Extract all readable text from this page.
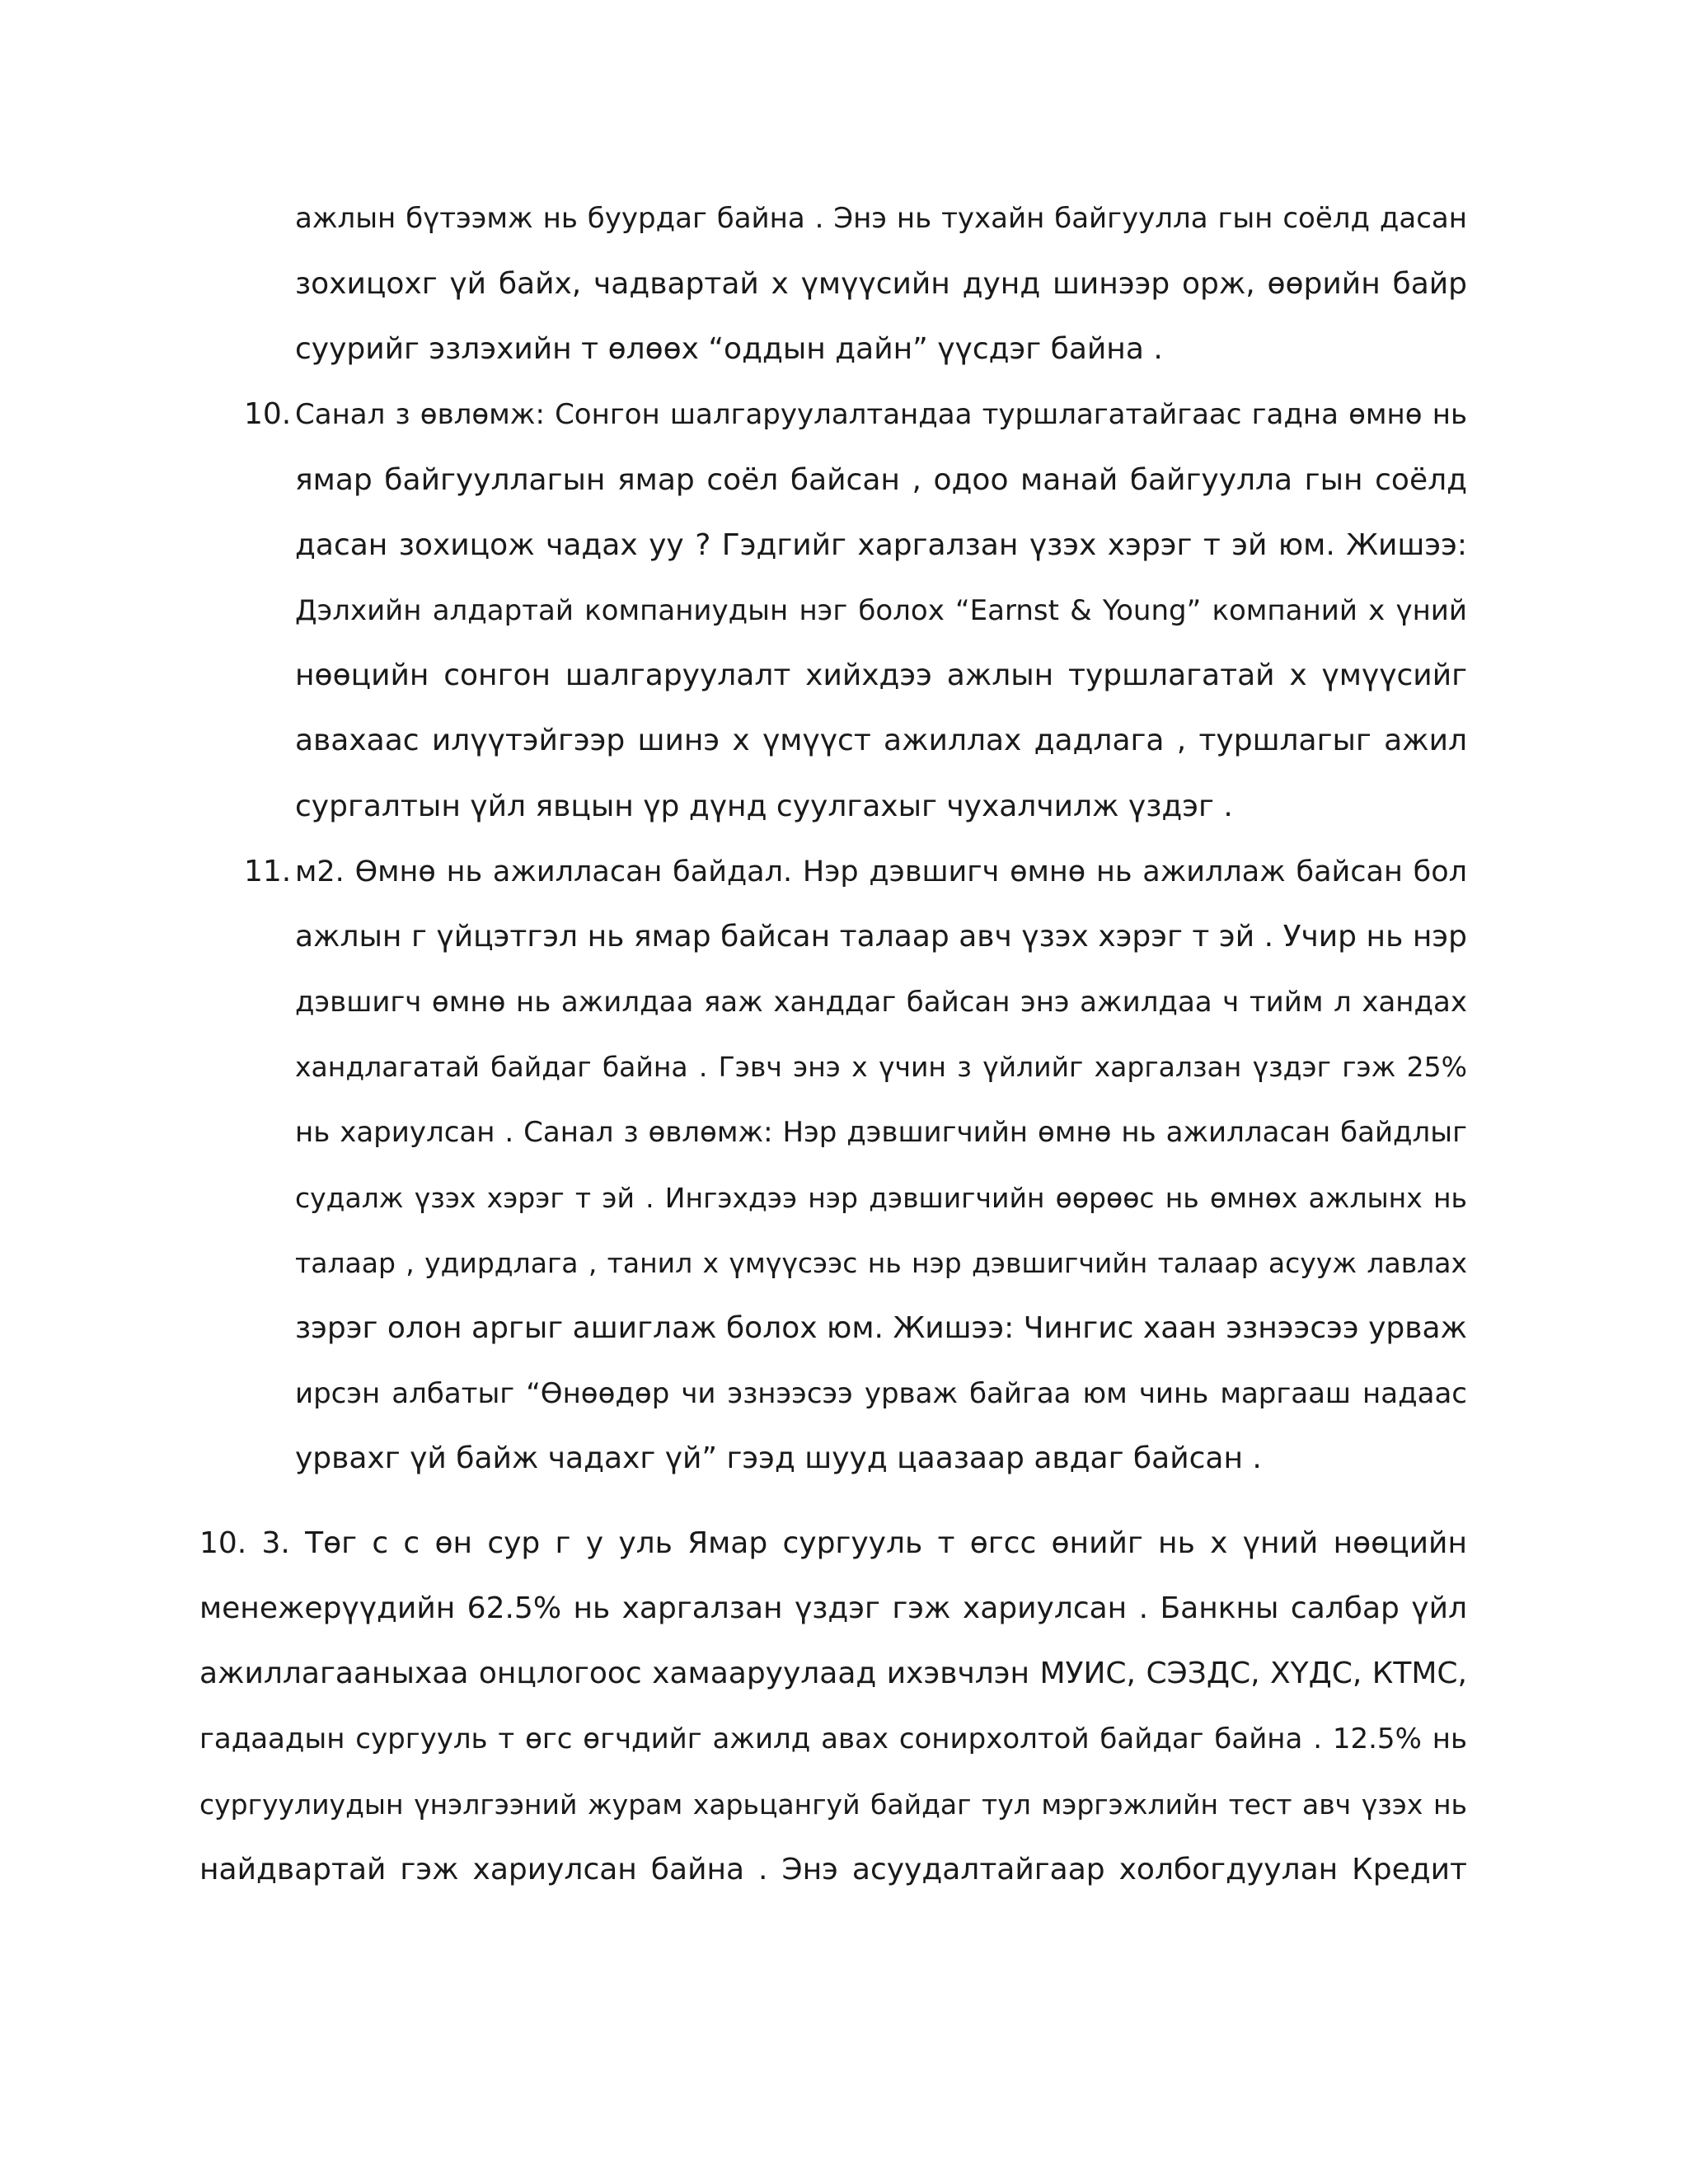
ажлын бүтээмж нь буурдаг байна . Энэ нь тухайн байгуулла гын соёлд дасан
зохицохг үй байх, чадвартай х үмүүсийн дунд шинээр орж, өөрийн байр
суурийг эзлэхийн т өлөөх “оддын дайн” үүсдэг байна .
10. Санал з өвлөмж: Сонгон шалгаруулалтандаа туршлагатайгаас гадна өмнө нь
ямар байгууллагын ямар соёл байсан , одоо манай байгуулла гын соёлд
дасан зохицож чадах уу ? Гэдгийг харгалзан үзэх хэрэг т эй юм. Жишээ:
Дэлхийн алдартай компаниудын нэг болох “Earnst & Young” компаний х үний
нөөцийн сонгон шалгаруулалт хийхдээ ажлын туршлагатай х үмүүсийг
авахаас илүүтэйгээр шинэ х үмүүст ажиллах дадлага , туршлагыг ажил
сургалтын үйл явцын үр дүнд суулгахыг чухалчилж үздэг .
11. м2. Өмнө нь ажилласан байдал. Нэр дэвшигч өмнө нь ажиллаж байсан бол
ажлын г үйцэтгэл нь ямар байсан талаар авч үзэх хэрэг т эй . Учир нь нэр
дэвшигч өмнө нь ажилдаа яаж ханддаг байсан энэ ажилдаа ч тийм л хандах
хандлагатай байдаг байна . Гэвч энэ х үчин з үйлийг харгалзан үздэг гэж 25%
нь хариулсан . Санал з өвлөмж: Нэр дэвшигчийн өмнө нь ажилласан байдлыг
судалж үзэх хэрэг т эй . Ингэхдээ нэр дэвшигчийн өөрөөс нь өмнөх ажлынх нь
талаар , удирдлага , танил х үмүүсээс нь нэр дэвшигчийн талаар асууж лавлах
зэрэг олон аргыг ашиглаж болох юм. Жишээ: Чингис хаан эзнээсээ урваж
ирсэн албатыг “Өнөөдөр чи эзнээсээ урваж байгаа юм чинь маргааш надаас
урвахг үй байж чадахг үй” гээд шууд цаазаар авдаг байсан .
10. 3. Төг с с өн сур г у уль Ямар сургууль т өгсс өнийг нь х үний нөөцийн
менежерүүдийн 62.5% нь харгалзан үздэг гэж хариулсан . Банкны салбар үйл
ажиллагааныхаа онцлогоос хамааруулаад ихэвчлэн МУИС, СЭЗДС, ХҮДС, КТМС,
гадаадын сургууль т өгс өгчдийг ажилд авах сонирхолтой байдаг байна . 12.5% нь
сургуулиудын үнэлгээний журам харьцангуй байдаг тул мэргэжлийн тест авч үзэх нь
найдвартай гэж хариулсан байна . Энэ асуудалтайгаар холбогдуулан Кредит
